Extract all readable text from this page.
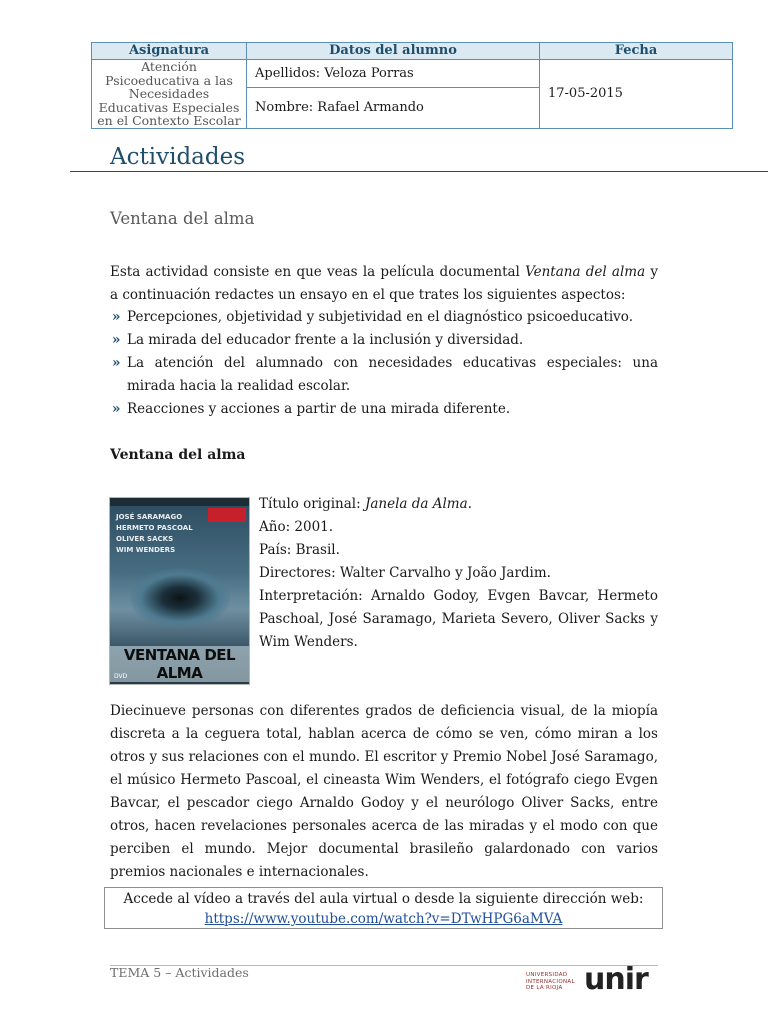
Asignatura	Datos del alumno	Fecha
Atención Psicoeducativa a las Necesidades Educativas Especiales en el Contexto Escolar	Apellidos: Veloza Porras	17-05-2015
	Nombre: Rafael Armando	
Actividades
Ventana del alma

Esta actividad consiste en que veas la película documental Ventana del alma y a continuación redactes un ensayo en el que trates los siguientes aspectos:

» Percepciones, objetividad y subjetividad en el diagnóstico psicoeducativo.
» La mirada del educador frente a la inclusión y diversidad.
» La atención del alumnado con necesidades educativas especiales: una mirada hacia la realidad escolar.
» Reacciones y acciones a partir de una mirada diferente.
Ventana del alma
JOSÉ SARAMAGO
HERMETO PASCOAL
OLIVER SACKS
WIM WENDERS
VENTANA DEL ALMA
DVD
Título original: Janela da Alma.
Año: 2001.
País: Brasil.
Directores: Walter Carvalho y João Jardim.
Interpretación: Arnaldo Godoy, Evgen Bavcar, Hermeto Paschoal, José Saramago, Marieta Severo, Oliver Sacks y Wim Wenders.

Diecinueve personas con diferentes grados de deficiencia visual, de la miopía discreta a la ceguera total, hablan acerca de cómo se ven, cómo miran a los otros y sus relaciones con el mundo. El escritor y Premio Nobel José Saramago, el músico Hermeto Pascoal, el cineasta Wim Wenders, el fotógrafo ciego Evgen Bavcar, el pescador ciego Arnaldo Godoy y el neurólogo Oliver Sacks, entre otros, hacen revelaciones personales acerca de las miradas y el modo con que perciben el mundo. Mejor documental brasileño galardonado con varios premios nacionales e internacionales.

Accede al vídeo a través del aula virtual o desde la siguiente dirección web:
https://www.youtube.com/watch?v=DTwHPG6aMVA
TEMA 5 – Actividades	UNIVERSIDAD
INTERNACIONAL
DE LA RIOJA unir
